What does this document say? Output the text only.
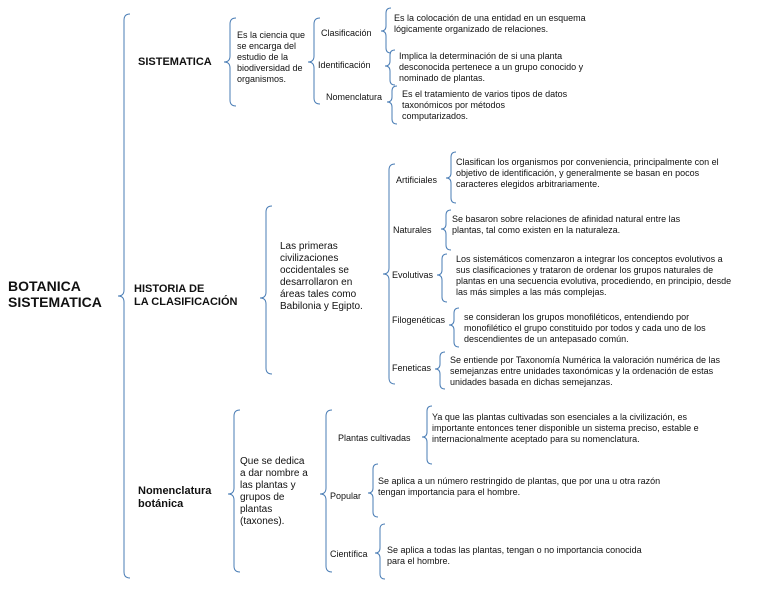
BOTANICA
SISTEMATICA
SISTEMATICA
Es la ciencia que
se encarga del
estudio de la
biodiversidad de
organismos.
Clasificación
Es la colocación de una entidad en un esquema
lógicamente organizado de relaciones.
Identificación
Implica la determinación de si una planta
desconocida pertenece a un grupo conocido y
nominado de plantas.
Nomenclatura Es el tratamiento de varios tipos de datos
taxonómicos por métodos
computarizados.
HISTORIA DE
LA CLASIFICACIÓN
Las primeras
civilizaciones
occidentales se
desarrollaron en
áreas tales como
Babilonia y Egipto.
Artificiales
Clasifican los organismos por conveniencia, principalmente con el
objetivo de identificación, y generalmente se basan en pocos
caracteres elegidos arbitrariamente.
Naturales
Se basaron sobre relaciones de afinidad natural entre las
plantas, tal como existen en la naturaleza.
Evolutivas
Los sistemáticos comenzaron a integrar los conceptos evolutivos a
sus clasificaciones y trataron de ordenar los grupos naturales de
plantas en una secuencia evolutiva, procediendo, en principio, desde
las más simples a las más complejas.
Filogenéticas se consideran los grupos monofiléticos, entendiendo por
monofilético el grupo constituido por todos y cada uno de los
descendientes de un antepasado común.
Feneticas
Se entiende por Taxonomía Numérica la valoración numérica de las
semejanzas entre unidades taxonómicas y la ordenación de estas
unidades basada en dichas semejanzas.
Nomenclatura
botánica
Que se dedica
a dar nombre a
las plantas y
grupos de
plantas
(taxones).
Plantas cultivadas
Ya que las plantas cultivadas son esenciales a la civilización, es
importante entonces tener disponible un sistema preciso, estable e
internacionalmente aceptado para su nomenclatura.
Popular
Se aplica a un número restringido de plantas, que por una u otra razón
tengan importancia para el hombre.
Científica Se aplica a todas las plantas, tengan o no importancia conocida
para el hombre.
